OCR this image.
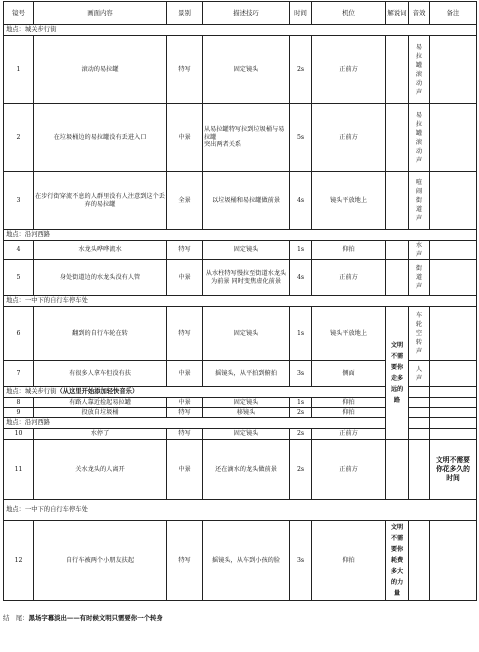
镜号	画面内容	景别	描述技巧	时间	机位	解说词	音效	备注
地点：城关步行街								
1	滚动的易拉罐	特写	固定镜头	2s	正前方		易拉罐滚动声	

2	在垃圾桶边的易拉罐没有丢进入口	中景	从易拉罐特写拉到垃圾桶与易拉罐
突出两者关系	5s	正前方		易拉罐滚动声	

3	在步行街穿流不息的人群里没有人注意到这个丢弃的易拉罐	全景	以垃圾桶和易拉罐做前景	4s	镜头平放地上		喧闹街道声	

地点：沿河西路								
4	水龙头哗哗流水	特写	固定镜头	1s	仰拍		水声	

5	身处街道边的水龙头没有人管	中景	从水柱特写慢拉至街道水龙头为前景 同时变焦虚化前景	4s	正前方		街道声	

地点：一中下的自行车停车处								
6	翻到的自行车轮在转	特写	固定镜头	1s	镜头平放地上	文明不需要你走多远的路	车轮空转声	

7	有很多人拿车但没有扶	中景	摇镜头，从平拍到俯拍	3s	侧面		人声	

地点：城关步行街（从这里开始添加轻快音乐）								
8	有路人靠近捡起易拉罐	中景	固定镜头	1s	仰拍			
9	投放自垃圾桶	特写	移镜头	2s	仰拍			
地点：沿河西路								
10	水停了	特写	固定镜头	2s	正前方			
11	关水龙头的人离开	中景	还在滴水的龙头做前景	2s	正前方			文明不需要你花多久的时间

地点：一中下的自行车停车处								
12	自行车被两个小朋友扶起	特写	摇镜头，从车到小孩的脸	3s	仰拍	文明不需要你耗费多大的力量		

结　尾：黑场字幕淡出——有时候文明只需要你一个转身
